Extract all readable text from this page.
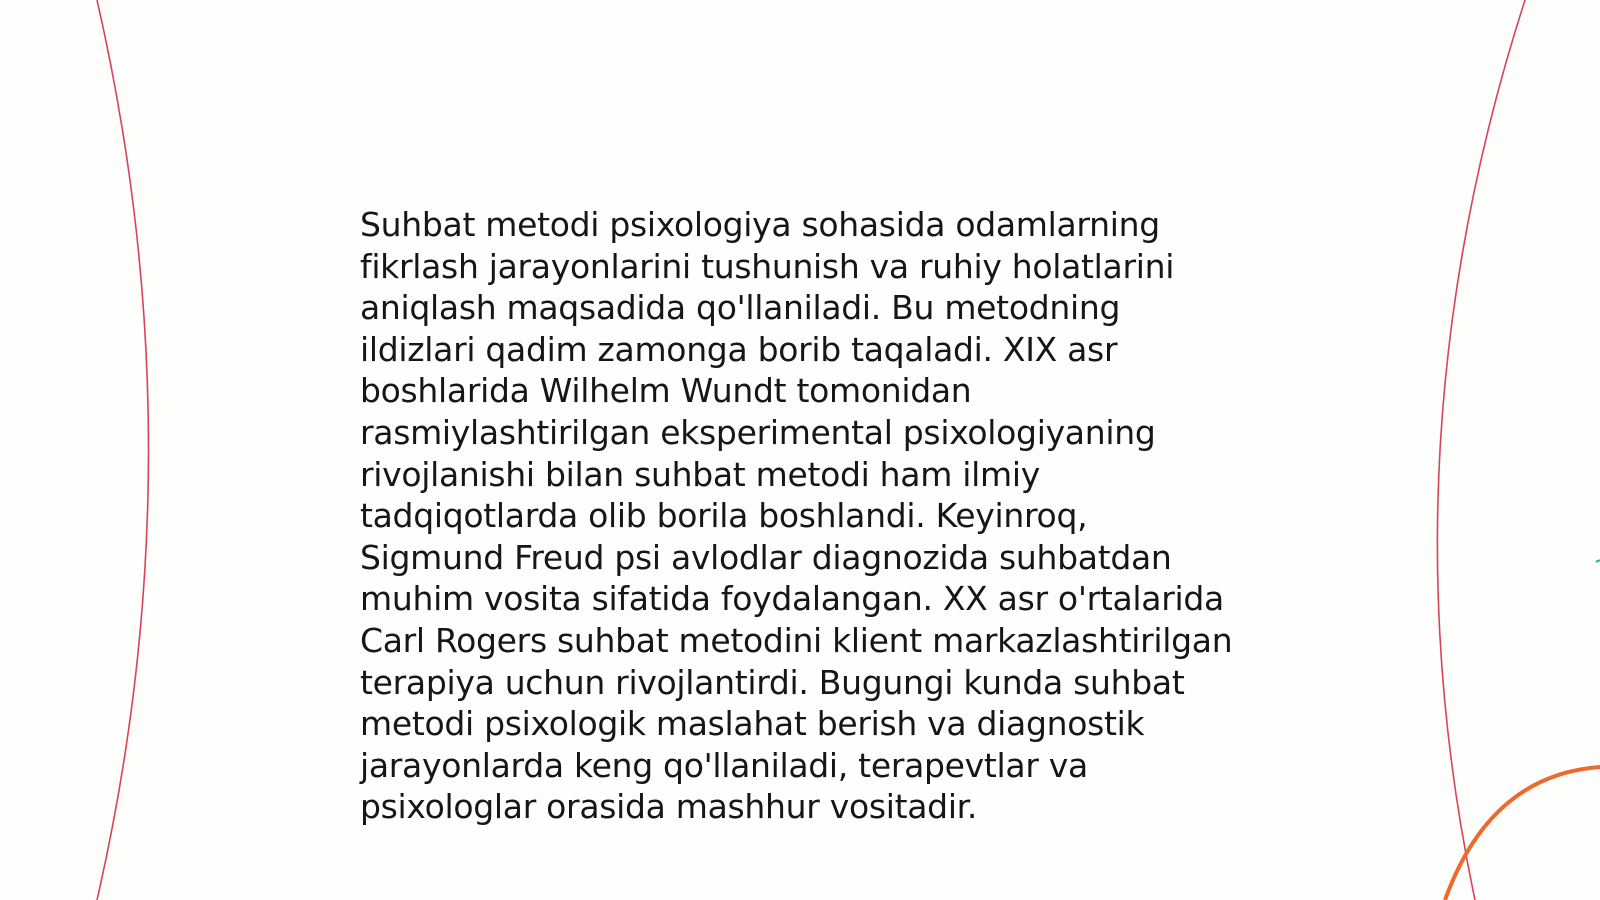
Suhbat metodi psixologiya sohasida odamlarning
fikrlash jarayonlarini tushunish va ruhiy holatlarini
aniqlash maqsadida qo'llaniladi. Bu metodning
ildizlari qadim zamonga borib taqaladi. XIX asr
boshlarida Wilhelm Wundt tomonidan
rasmiylashtirilgan eksperimental psixologiyaning
rivojlanishi bilan suhbat metodi ham ilmiy
tadqiqotlarda olib borila boshlandi. Keyinroq,
Sigmund Freud psi avlodlar diagnozida suhbatdan
muhim vosita sifatida foydalangan. XX asr o'rtalarida
Carl Rogers suhbat metodini klient markazlashtirilgan
terapiya uchun rivojlantirdi. Bugungi kunda suhbat
metodi psixologik maslahat berish va diagnostik
jarayonlarda keng qo'llaniladi, terapevtlar va
psixologlar orasida mashhur vositadir.
